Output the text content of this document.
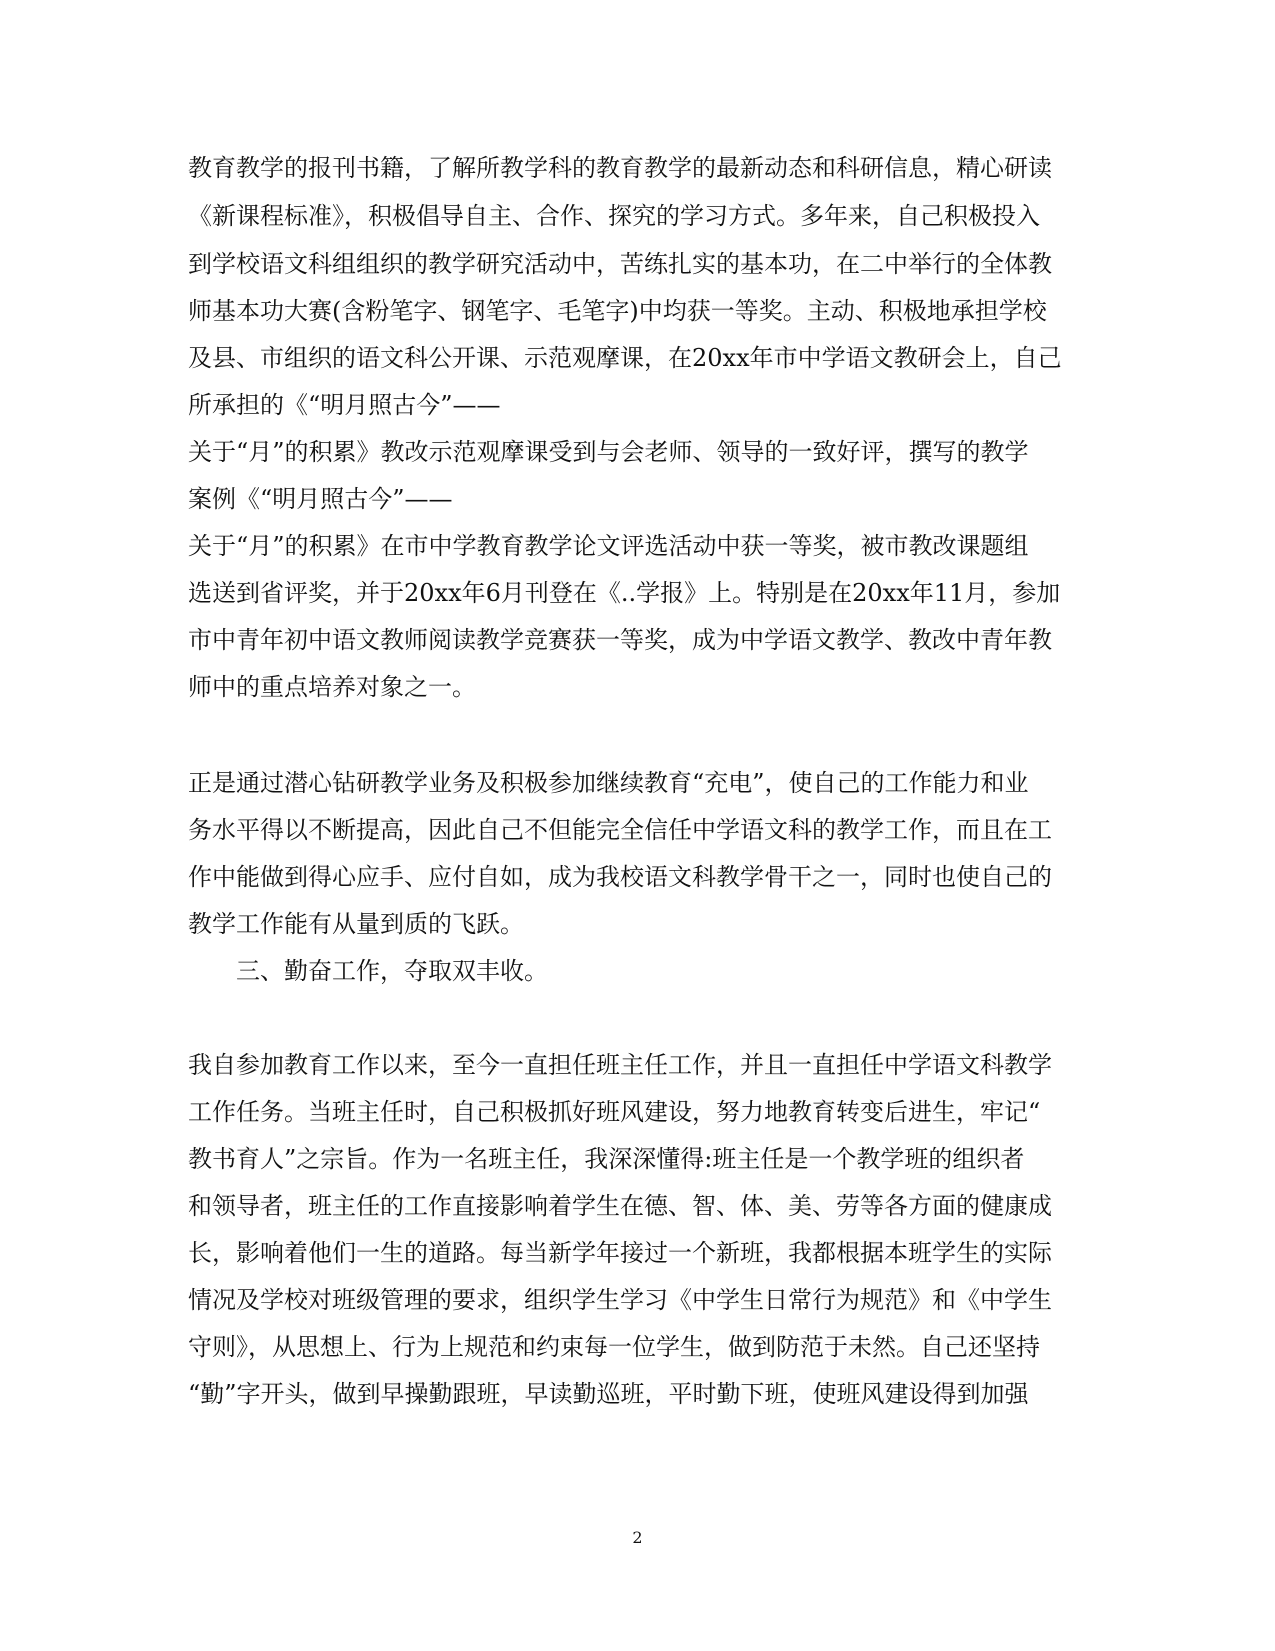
教育教学的报刊书籍，了解所教学科的教育教学的最新动态和科研信息，精心研读
《新课程标准》，积极倡导自主、合作、探究的学习方式。多年来，自己积极投入
到学校语文科组组织的教学研究活动中，苦练扎实的基本功，在二中举行的全体教
师基本功大赛(含粉笔字、钢笔字、毛笔字)中均获一等奖。主动、积极地承担学校
及县、市组织的语文科公开课、示范观摩课，在20xx年市中学语文教研会上，自己
所承担的《“明月照古今”——
关于“月”的积累》教改示范观摩课受到与会老师、领导的一致好评，撰写的教学
案例《“明月照古今”——
关于“月”的积累》在市中学教育教学论文评选活动中获一等奖，被市教改课题组
选送到省评奖，并于20xx年6月刊登在《..学报》上。特别是在20xx年11月，参加
市中青年初中语文教师阅读教学竞赛获一等奖，成为中学语文教学、教改中青年教
师中的重点培养对象之一。
正是通过潜心钻研教学业务及积极参加继续教育“充电”，使自己的工作能力和业
务水平得以不断提高，因此自己不但能完全信任中学语文科的教学工作，而且在工
作中能做到得心应手、应付自如，成为我校语文科教学骨干之一，同时也使自己的
教学工作能有从量到质的飞跃。
三、勤奋工作，夺取双丰收。
我自参加教育工作以来，至今一直担任班主任工作，并且一直担任中学语文科教学
工作任务。当班主任时，自己积极抓好班风建设，努力地教育转变后进生，牢记“
教书育人”之宗旨。作为一名班主任，我深深懂得:班主任是一个教学班的组织者
和领导者，班主任的工作直接影响着学生在德、智、体、美、劳等各方面的健康成
长，影响着他们一生的道路。每当新学年接过一个新班，我都根据本班学生的实际
情况及学校对班级管理的要求，组织学生学习《中学生日常行为规范》和《中学生
守则》，从思想上、行为上规范和约束每一位学生，做到防范于未然。自己还坚持
“勤”字开头，做到早操勤跟班，早读勤巡班，平时勤下班，使班风建设得到加强
2
